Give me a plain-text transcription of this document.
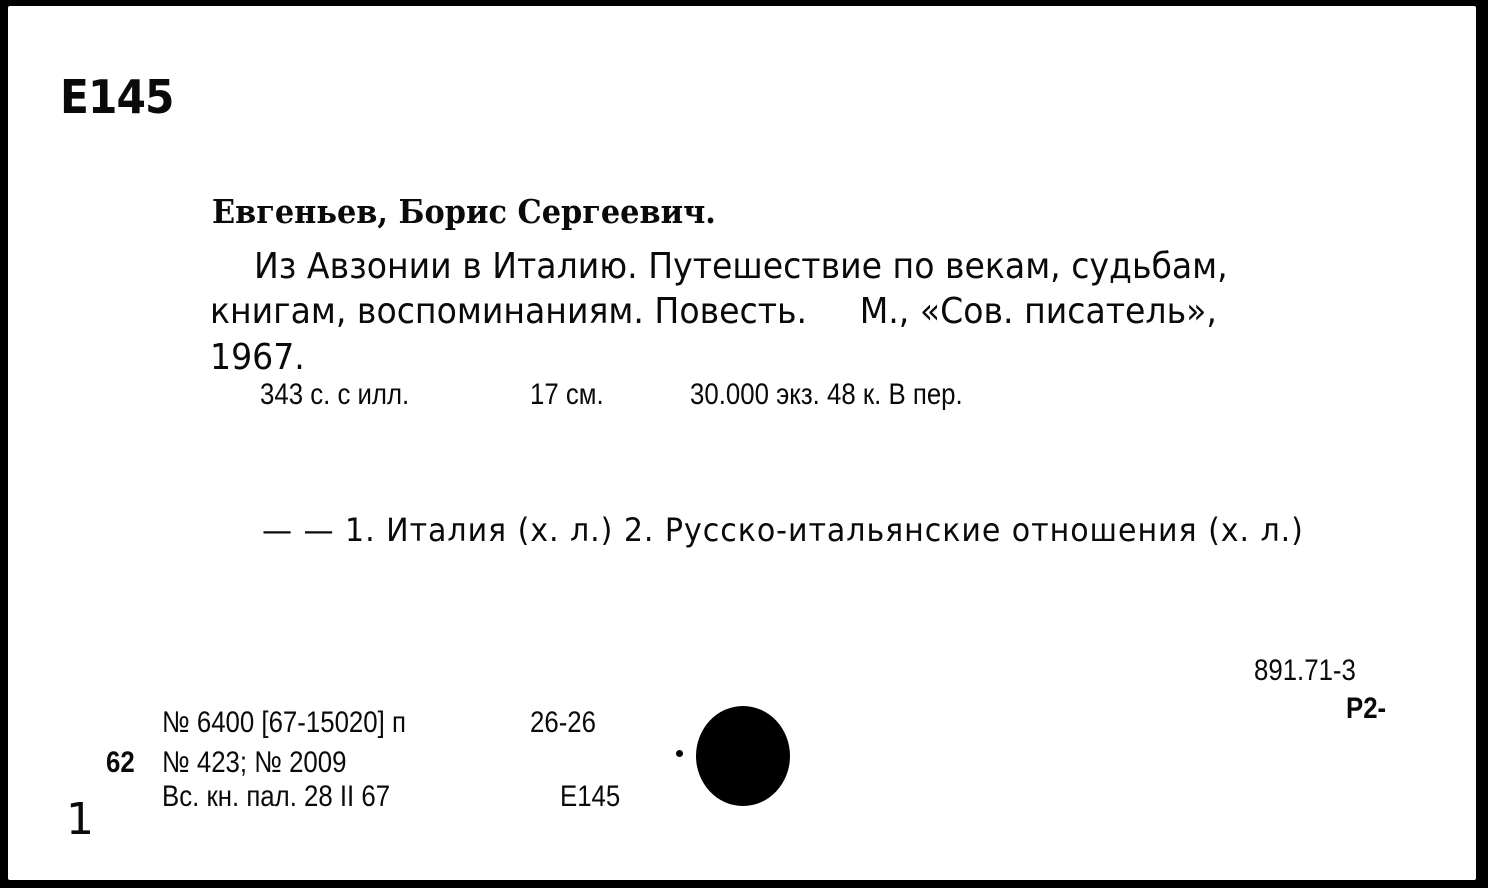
E145
Евгеньев, Борис Сергеевич.
Из Авзонии в Италию. Путешествие по векам, судьбам,
книгам, воспоминаниям. Повесть.     М., «Сов. писатель»,
1967.
343 с. с илл.	17 см.	30.000 экз. 48 к. В пер.
— — 1. Италия (х. л.) 2. Русско-итальянские отношения (х. л.)
891.71-3
Р2-
№ 6400 [67-15020] п	26-26
62 № 423; № 2009
Вс. кн. пал. 28 II 67	E145
1
